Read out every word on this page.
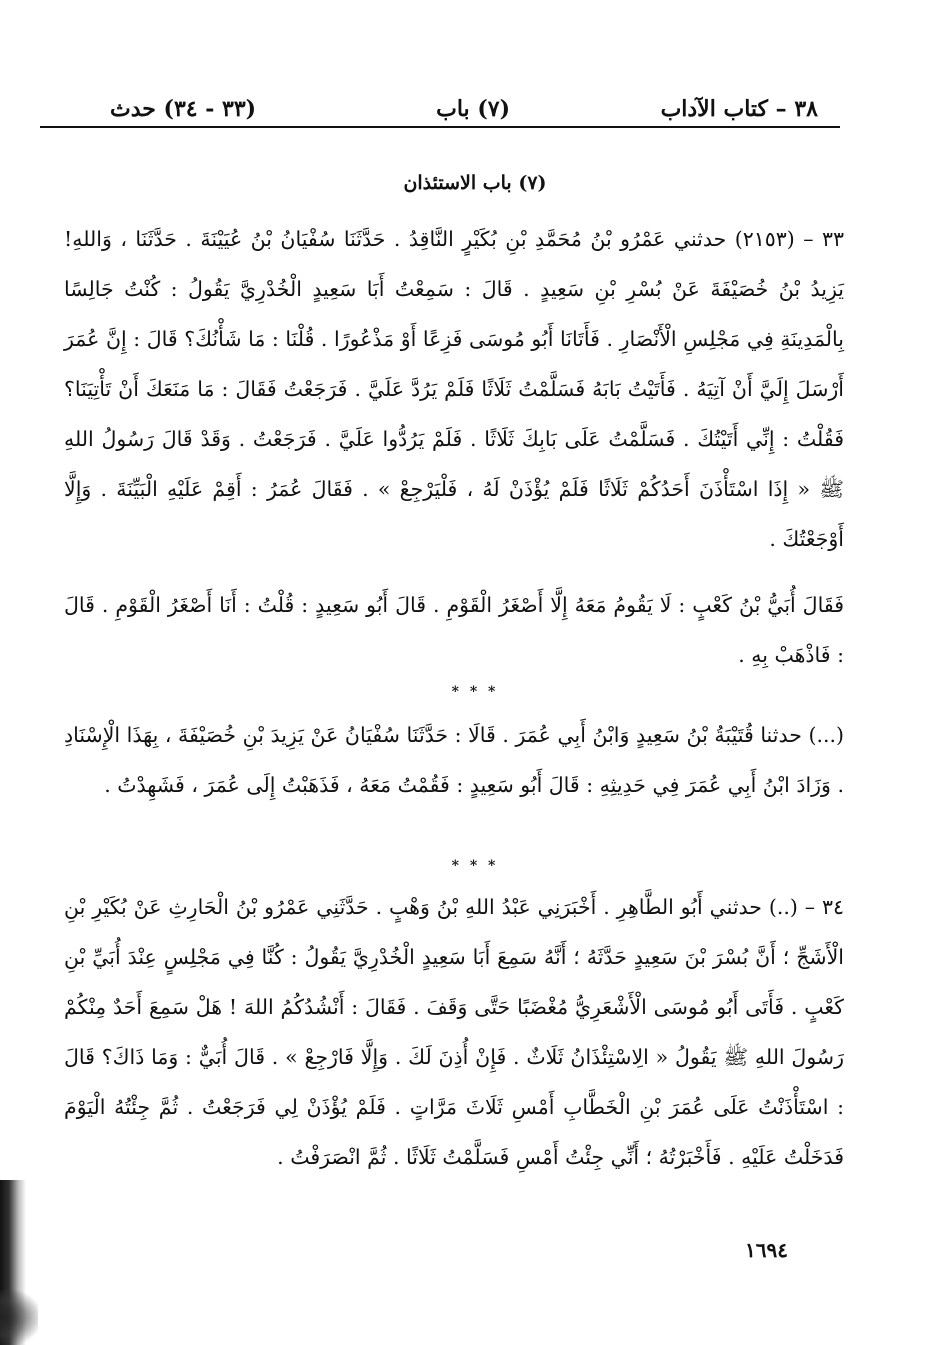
٣٨ – كتاب الآداب
(٧) باب
(٣٣ - ٣٤) حدث
(٧) باب الاستئذان
٣٣ – (٢١٥٣) حدثني عَمْرُو بْنُ مُحَمَّدِ بْنِ بُكَيْرٍ النَّاقِدُ . حَدَّثَنَا سُفْيَانُ بْنُ عُيَيْنَةَ . حَدَّثَنَا ، وَاللهِ! يَزِيدُ بْنُ خُصَيْفَةَ عَنْ بُسْرِ بْنِ سَعِيدٍ . قَالَ : سَمِعْتُ أَبَا سَعِيدٍ الْخُدْرِيَّ يَقُولُ : كُنْتُ جَالِسًا بِالْمَدِينَةِ فِي مَجْلِسِ الْأَنْصَارِ . فَأَتَانَا أَبُو مُوسَى فَزِعًا أَوْ مَذْعُورًا . قُلْنَا : مَا شَأْنُكَ؟ قَالَ : إِنَّ عُمَرَ أَرْسَلَ إِلَيَّ أَنْ آتِيَهُ . فَأَتَيْتُ بَابَهُ فَسَلَّمْتُ ثَلَاثًا فَلَمْ يَرُدَّ عَلَيَّ . فَرَجَعْتُ فَقَالَ : مَا مَنَعَكَ أَنْ تَأْتِيَنَا؟ فَقُلْتُ : إِنِّي أَتَيْتُكَ . فَسَلَّمْتُ عَلَى بَابِكَ ثَلَاثًا . فَلَمْ يَرُدُّوا عَلَيَّ . فَرَجَعْتُ . وَقَدْ قَالَ رَسُولُ اللهِ ﷺ « إِذَا اسْتَأْذَنَ أَحَدُكُمْ ثَلَاثًا فَلَمْ يُؤْذَنْ لَهُ ، فَلْيَرْجِعْ » . فَقَالَ عُمَرُ : أَقِمْ عَلَيْهِ الْبَيِّنَةَ . وَإِلَّا أَوْجَعْتُكَ .
فَقَالَ أُبَيُّ بْنُ كَعْبٍ : لَا يَقُومُ مَعَهُ إِلَّا أَصْغَرُ الْقَوْمِ . قَالَ أَبُو سَعِيدٍ : قُلْتُ : أَنَا أَصْغَرُ الْقَوْمِ . قَالَ : فَاذْهَبْ بِهِ .
* * *
(...) حدثنا قُتَيْبَةُ بْنُ سَعِيدٍ وَابْنُ أَبِي عُمَرَ . قَالَا : حَدَّثَنَا سُفْيَانُ عَنْ يَزِيدَ بْنِ خُصَيْفَةَ ، بِهَذَا الْإِسْنَادِ . وَزَادَ ابْنُ أَبِي عُمَرَ فِي حَدِيثِهِ : قَالَ أَبُو سَعِيدٍ : فَقُمْتُ مَعَهُ ، فَذَهَبْتُ إِلَى عُمَرَ ، فَشَهِدْتُ .
* * *
٣٤ – (..) حدثني أَبُو الطَّاهِرِ . أَخْبَرَنِي عَبْدُ اللهِ بْنُ وَهْبٍ . حَدَّثَنِي عَمْرُو بْنُ الْحَارِثِ عَنْ بُكَيْرِ بْنِ الْأَشَجِّ ؛ أَنَّ بُسْرَ بْنَ سَعِيدٍ حَدَّثَهُ ؛ أَنَّهُ سَمِعَ أَبَا سَعِيدٍ الْخُدْرِيَّ يَقُولُ : كُنَّا فِي مَجْلِسٍ عِنْدَ أُبَيِّ بْنِ كَعْبٍ . فَأَتَى أَبُو مُوسَى الْأَشْعَرِيُّ مُغْضَبًا حَتَّى وَقَفَ . فَقَالَ : أَنْشُدُكُمُ اللهَ ! هَلْ سَمِعَ أَحَدٌ مِنْكُمْ رَسُولَ اللهِ ﷺ يَقُولُ « الِاسْتِئْذَانُ ثَلَاثٌ . فَإِنْ أُذِنَ لَكَ . وَإِلَّا فَارْجِعْ » . قَالَ أُبَيٌّ : وَمَا ذَاكَ؟ قَالَ : اسْتَأْذَنْتُ عَلَى عُمَرَ بْنِ الْخَطَّابِ أَمْسِ ثَلَاثَ مَرَّاتٍ . فَلَمْ يُؤْذَنْ لِي فَرَجَعْتُ . ثُمَّ جِئْتُهُ الْيَوْمَ فَدَخَلْتُ عَلَيْهِ . فَأَخْبَرْتُهُ ؛ أَنِّي جِئْتُ أَمْسِ فَسَلَّمْتُ ثَلَاثًا . ثُمَّ انْصَرَفْتُ .
١٦٩٤
